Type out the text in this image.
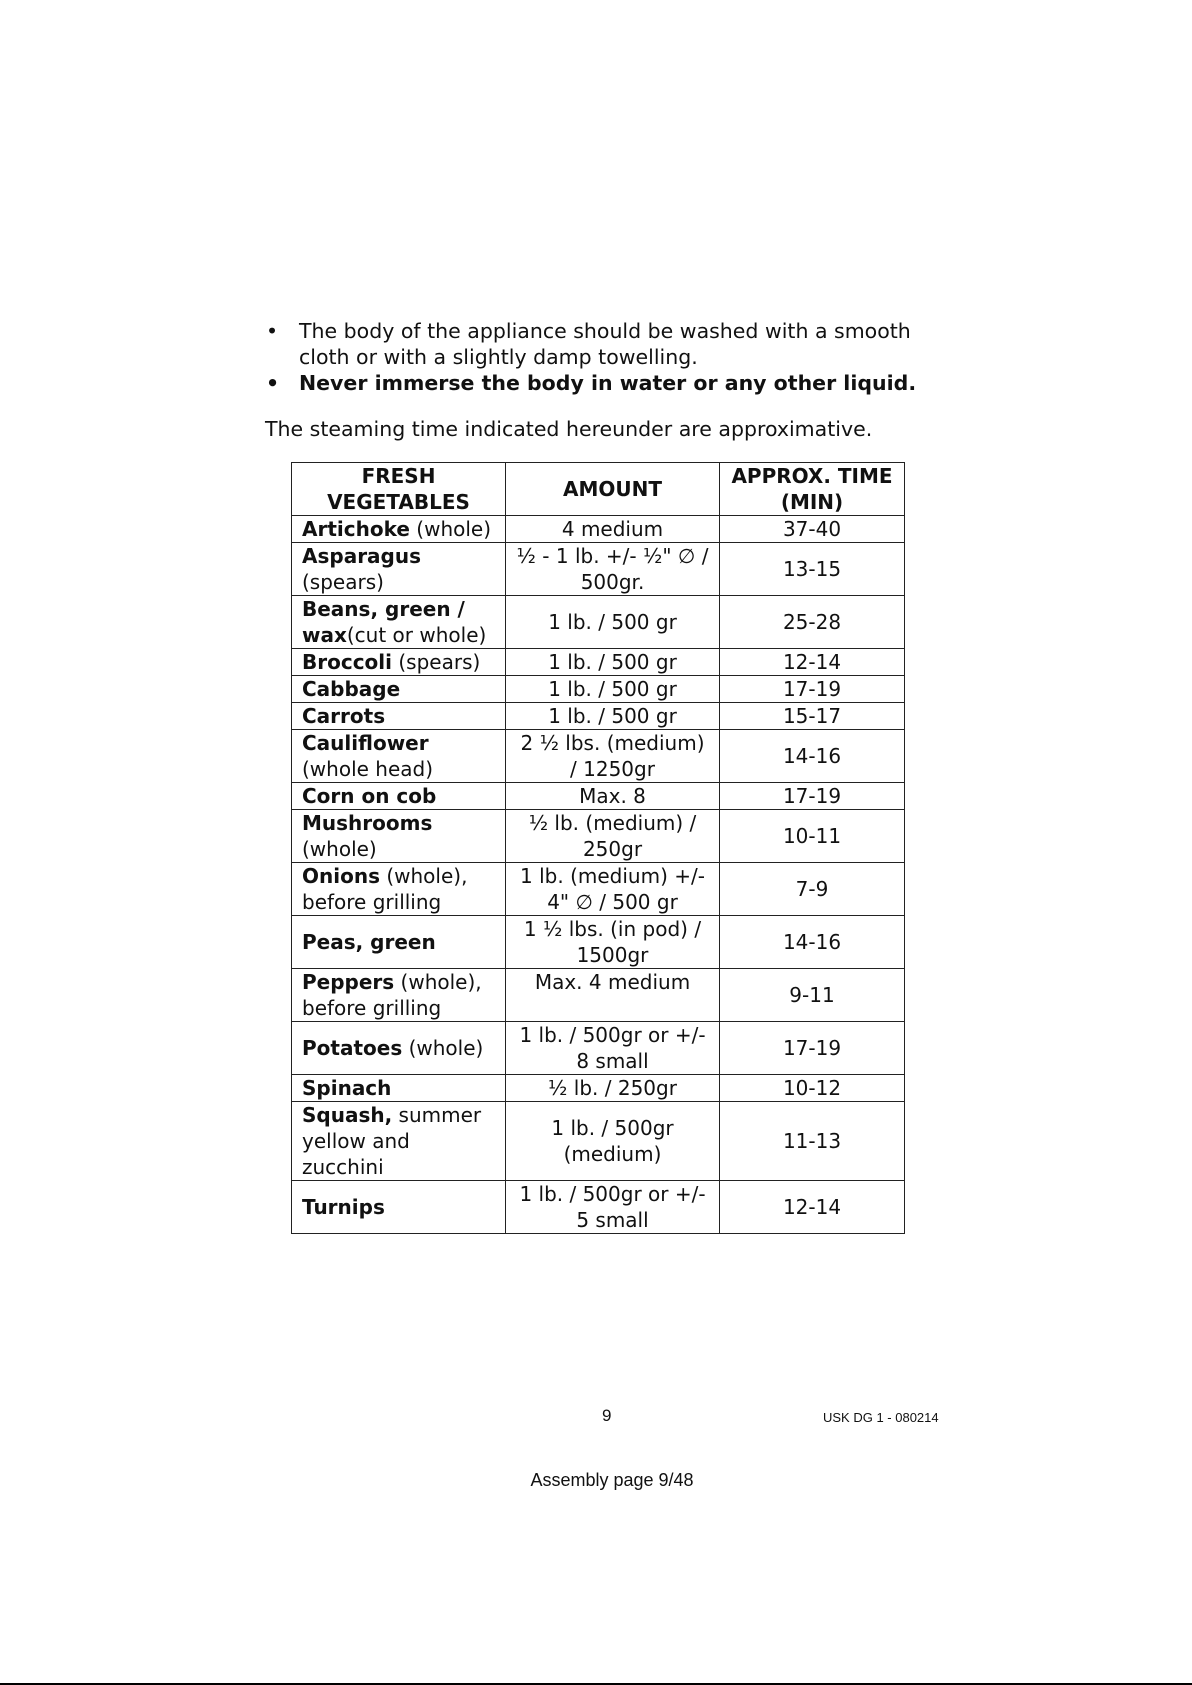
• The body of the appliance should be washed with a smooth cloth or with a slightly damp towelling.
• Never immerse the body in water or any other liquid.

The steaming time indicated hereunder are approximative.

FRESH VEGETABLES	AMOUNT	APPROX. TIME (MIN)
Artichoke (whole)	4 medium	37-40
Asparagus (spears)	½ - 1 lb. +/- ½" ∅ / 500gr.	13-15
Beans, green / wax(cut or whole)	1 lb. / 500 gr	25-28
Broccoli (spears)	1 lb. / 500 gr	12-14
Cabbage	1 lb. / 500 gr	17-19
Carrots	1 lb. / 500 gr	15-17
Cauliflower (whole head)	2 ½ lbs. (medium) / 1250gr	14-16
Corn on cob	Max. 8	17-19
Mushrooms (whole)	½ lb. (medium) / 250gr	10-11
Onions (whole), before grilling	1 lb. (medium) +/- 4" ∅ / 500 gr	7-9
Peas, green	1 ½ lbs. (in pod) / 1500gr	14-16
Peppers (whole), before grilling	Max. 4 medium	9-11
Potatoes (whole)	1 lb. / 500gr or +/- 8 small	17-19
Spinach	½ lb. / 250gr	10-12
Squash, summer yellow and zucchini	1 lb. / 500gr (medium)	11-13
Turnips	1 lb. / 500gr or +/- 5 small	12-14
9	USK DG 1 - 080214
Assembly page 9/48
